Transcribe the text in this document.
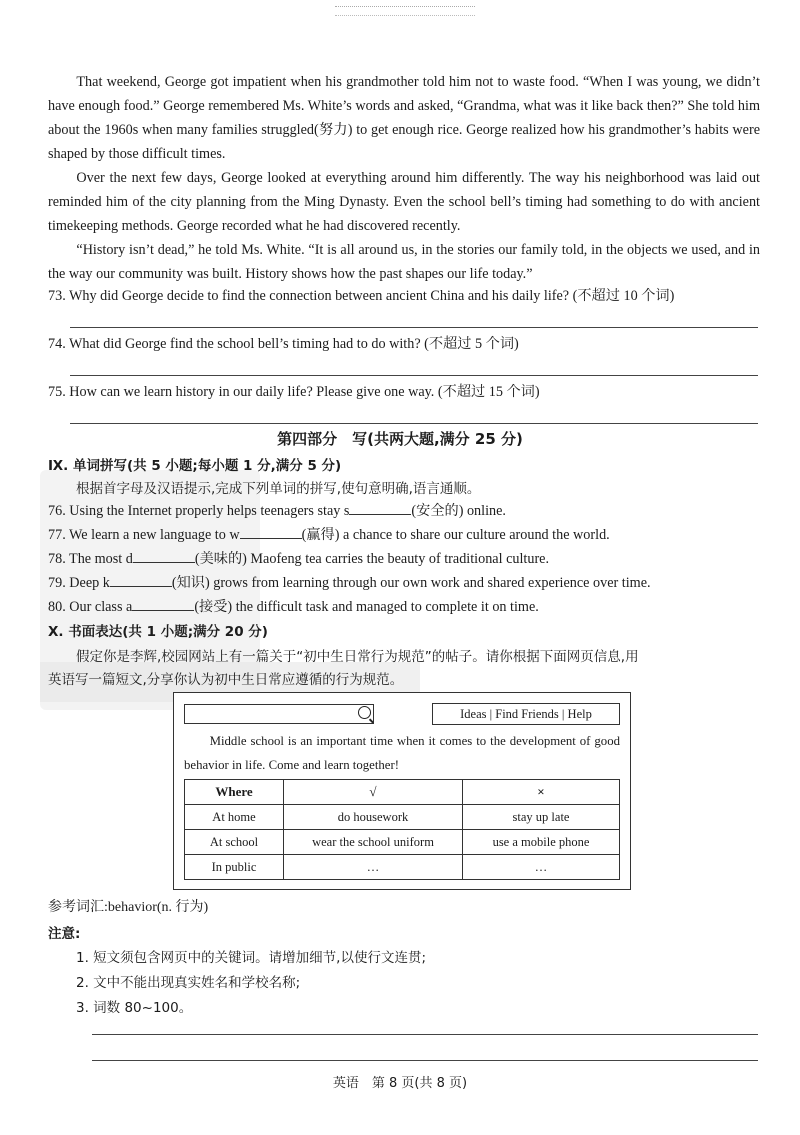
That weekend, George got impatient when his grandmother told him not to waste food. “When I was young, we didn’t have enough food.” George remembered Ms. White’s words and asked, “Grandma, what was it like back then?” She told him about the 1960s when many families struggled(努力) to get enough rice. George realized how his grandmother’s habits were shaped by those difficult times.

Over the next few days, George looked at everything around him differently. The way his neighborhood was laid out reminded him of the city planning from the Ming Dynasty. Even the school bell’s timing had something to do with ancient timekeeping methods. George recorded what he had discovered recently.

“History isn’t dead,” he told Ms. White. “It is all around us, in the stories our family told, in the objects we used, and in the way our community was built. History shows how the past shapes our life today.”

73. Why did George decide to find the connection between ancient China and his daily life? (不超过 10 个词)

74. What did George find the school bell’s timing had to do with? (不超过 5 个词)

75. How can we learn history in our daily life? Please give one way. (不超过 15 个词)

第四部分　写(共两大题,满分 25 分)
Ⅸ. 单词拼写(共 5 小题;每小题 1 分,满分 5 分)
根据首字母及汉语提示,完成下列单词的拼写,使句意明确,语言通顺。
76. Using the Internet properly helps teenagers stay s	(安全的) online.
77. We learn a new language to w	(赢得) a chance to share our culture around the world.
78. The most d	(美味的) Maofeng tea carries the beauty of traditional culture.
79. Deep k	(知识) grows from learning through our own work and shared experience over time.
80. Our class a	(接受) the difficult task and managed to complete it on time.
Ⅹ. 书面表达(共 1 小题;满分 20 分)
假定你是李辉,校园网站上有一篇关于“初中生日常行为规范”的帖子。请你根据下面网页信息,用
英语写一篇短文,分享你认为初中生日常应遵循的行为规范。
Ideas | Find Friends | Help
Middle school is an important time when it comes to the development of good behavior in life. Come and learn together!
Where	√	×
At home	do housework	stay up late
At school	wear the school uniform	use a mobile phone
In public	…	…
参考词汇:behavior(n. 行为)
注意:
1. 短文须包含网页中的关键词。请增加细节,以使行文连贯;
2. 文中不能出现真实姓名和学校名称;
3. 词数 80~100。
英语　第 8 页(共 8 页)
